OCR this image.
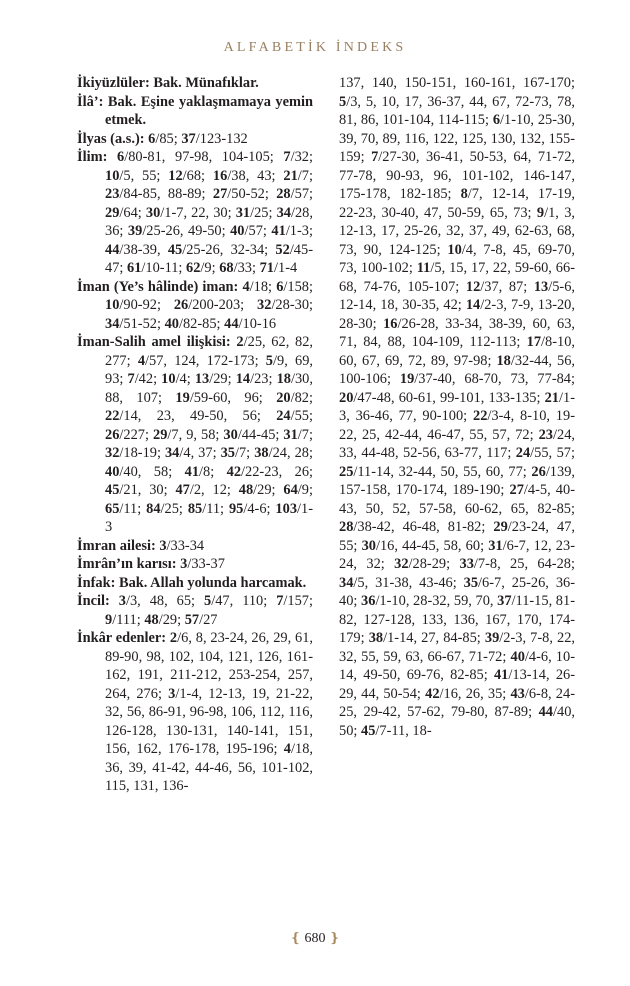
ALFABETİK İNDEKS
İkiyüzlüler: Bak. Münafıklar.
İlâ’: Bak. Eşine yaklaşmamaya yemin etmek.
İlyas (a.s.): 6/85; 37/123-132
İlim: 6/80-81, 97-98, 104-105; 7/32; 10/5, 55; 12/68; 16/38, 43; 21/7; 23/84-85, 88-89; 27/50-52; 28/57; 29/64; 30/1-7, 22, 30; 31/25; 34/28, 36; 39/25-26, 49-50; 40/57; 41/1-3; 44/38-39, 45/25-26, 32-34; 52/45-47; 61/10-11; 62/9; 68/33; 71/1-4
İman (Ye’s hâlinde) iman: 4/18; 6/158; 10/90-92; 26/200-203; 32/28-30; 34/51-52; 40/82-85; 44/10-16
İman-Salih amel ilişkisi: 2/25, 62, 82, 277; 4/57, 124, 172-173; 5/9, 69, 93; 7/42; 10/4; 13/29; 14/23; 18/30, 88, 107; 19/59-60, 96; 20/82; 22/14, 23, 49-50, 56; 24/55; 26/227; 29/7, 9, 58; 30/44-45; 31/7; 32/18-19; 34/4, 37; 35/7; 38/24, 28; 40/40, 58; 41/8; 42/22-23, 26; 45/21, 30; 47/2, 12; 48/29; 64/9; 65/11; 84/25; 85/11; 95/4-6; 103/1-3
İmran ailesi: 3/33-34
İmrân’ın karısı: 3/33-37
İnfak: Bak. Allah yolunda harcamak.
İncil: 3/3, 48, 65; 5/47, 110; 7/157; 9/111; 48/29; 57/27
İnkâr edenler: 2/6, 8, 23-24, 26, 29, 61, 89-90, 98, 102, 104, 121, 126, 161-162, 191, 211-212, 253-254, 257, 264, 276; 3/1-4, 12-13, 19, 21-22, 32, 56, 86-91, 96-98, 106, 112, 116, 126-128, 130-131, 140-141, 151, 156, 162, 176-178, 195-196; 4/18, 36, 39, 41-42, 44-46, 56, 101-102, 115, 131, 136-
137, 140, 150-151, 160-161, 167-170; 5/3, 5, 10, 17, 36-37, 44, 67, 72-73, 78, 81, 86, 101-104, 114-115; 6/1-10, 25-30, 39, 70, 89, 116, 122, 125, 130, 132, 155-159; 7/27-30, 36-41, 50-53, 64, 71-72, 77-78, 90-93, 96, 101-102, 146-147, 175-178, 182-185; 8/7, 12-14, 17-19, 22-23, 30-40, 47, 50-59, 65, 73; 9/1, 3, 12-13, 17, 25-26, 32, 37, 49, 62-63, 68, 73, 90, 124-125; 10/4, 7-8, 45, 69-70, 73, 100-102; 11/5, 15, 17, 22, 59-60, 66-68, 74-76, 105-107; 12/37, 87; 13/5-6, 12-14, 18, 30-35, 42; 14/2-3, 7-9, 13-20, 28-30; 16/26-28, 33-34, 38-39, 60, 63, 71, 84, 88, 104-109, 112-113; 17/8-10, 60, 67, 69, 72, 89, 97-98; 18/32-44, 56, 100-106; 19/37-40, 68-70, 73, 77-84; 20/47-48, 60-61, 99-101, 133-135; 21/1-3, 36-46, 77, 90-100; 22/3-4, 8-10, 19-22, 25, 42-44, 46-47, 55, 57, 72; 23/24, 33, 44-48, 52-56, 63-77, 117; 24/55, 57; 25/11-14, 32-44, 50, 55, 60, 77; 26/139, 157-158, 170-174, 189-190; 27/4-5, 40-43, 50, 52, 57-58, 60-62, 65, 82-85; 28/38-42, 46-48, 81-82; 29/23-24, 47, 55; 30/16, 44-45, 58, 60; 31/6-7, 12, 23-24, 32; 32/28-29; 33/7-8, 25, 64-28; 34/5, 31-38, 43-46; 35/6-7, 25-26, 36-40; 36/1-10, 28-32, 59, 70, 37/11-15, 81-82, 127-128, 133, 136, 167, 170, 174-179; 38/1-14, 27, 84-85; 39/2-3, 7-8, 22, 32, 55, 59, 63, 66-67, 71-72; 40/4-6, 10-14, 49-50, 69-76, 82-85; 41/13-14, 26-29, 44, 50-54; 42/16, 26, 35; 43/6-8, 24-25, 29-42, 57-62, 79-80, 87-89; 44/40, 50; 45/7-11, 18-
❴ 680 ❵
